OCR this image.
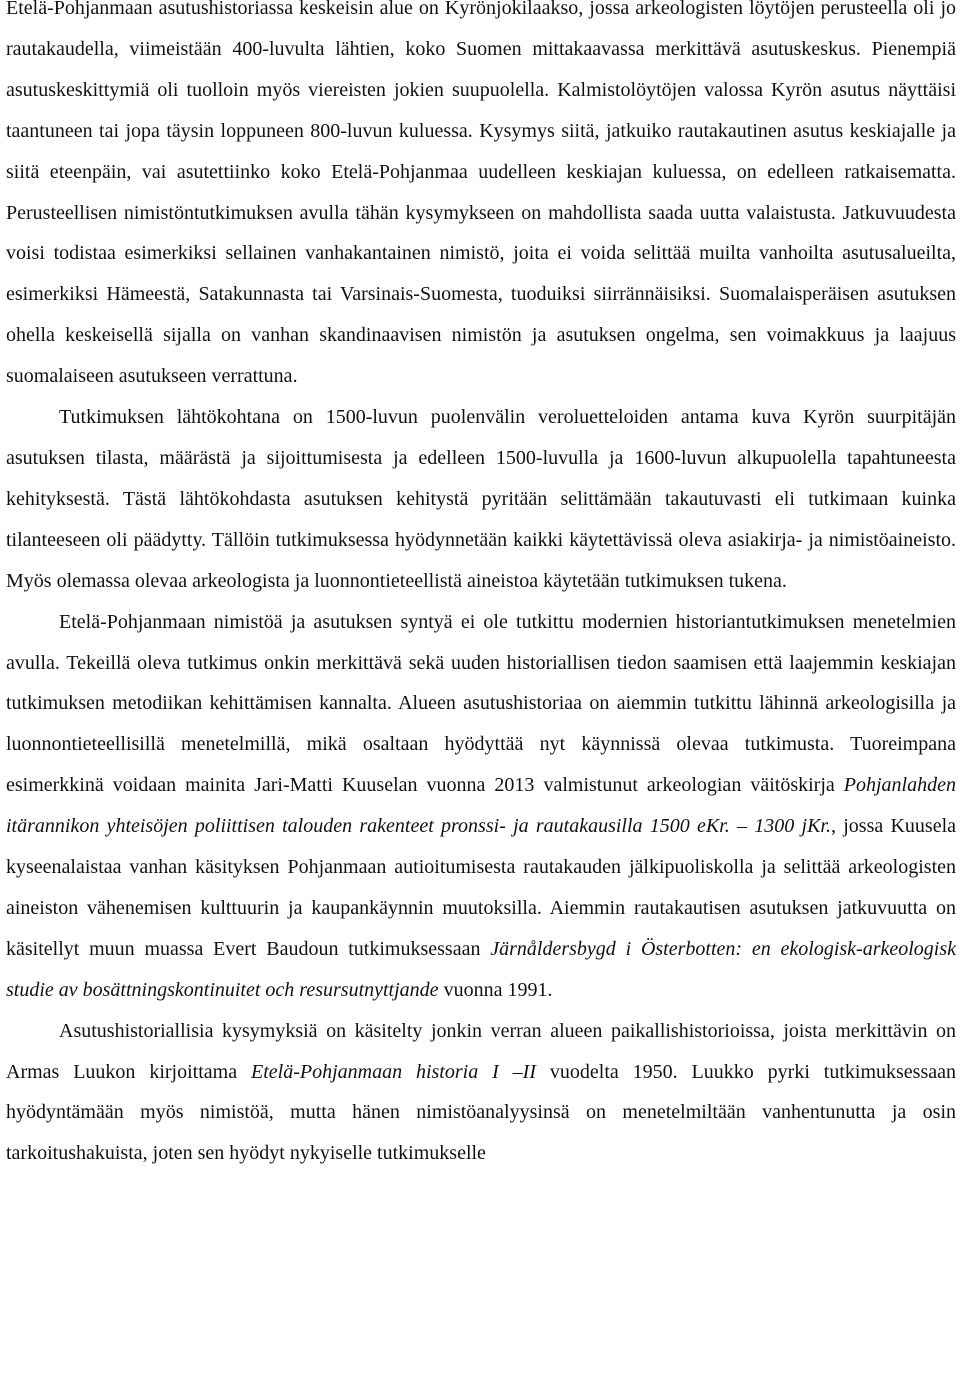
Etelä-Pohjanmaan asutushistoriassa keskeisin alue on Kyrönjokilaakso, jossa arkeologisten löytöjen perusteella oli jo rautakaudella, viimeistään 400-luvulta lähtien, koko Suomen mittakaavassa merkittävä asutuskeskus. Pienempiä asutuskeskittymiä oli tuolloin myös viereisten jokien suupuolella. Kalmistolöytöjen valossa Kyrön asutus näyttäisi taantuneen tai jopa täysin loppuneen 800-luvun kuluessa. Kysymys siitä, jatkuiko rautakautinen asutus keskiajalle ja siitä eteenpäin, vai asutettiinko koko Etelä-Pohjanmaa uudelleen keskiajan kuluessa, on edelleen ratkaisematta. Perusteellisen nimistöntutkimuksen avulla tähän kysymykseen on mahdollista saada uutta valaistusta. Jatkuvuudesta voisi todistaa esimerkiksi sellainen vanhakantainen nimistö, joita ei voida selittää muilta vanhoilta asutusalueilta, esimerkiksi Hämeestä, Satakunnasta tai Varsinais-Suomesta, tuoduiksi siirrännäisiksi. Suomalaisperäisen asutuksen ohella keskeisellä sijalla on vanhan skandinaavisen nimistön ja asutuksen ongelma, sen voimakkuus ja laajuus suomalaiseen asutukseen verrattuna.

Tutkimuksen lähtökohtana on 1500-luvun puolenvälin veroluetteloiden antama kuva Kyrön suurpitäjän asutuksen tilasta, määrästä ja sijoittumisesta ja edelleen 1500-luvulla ja 1600-luvun alkupuolella tapahtuneesta kehityksestä. Tästä lähtökohdasta asutuksen kehitystä pyritään selittämään takautuvasti eli tutkimaan kuinka tilanteeseen oli päädytty. Tällöin tutkimuksessa hyödynnetään kaikki käytettävissä oleva asiakirja- ja nimistöaineisto. Myös olemassa olevaa arkeologista ja luonnontieteellistä aineistoa käytetään tutkimuksen tukena.

Etelä-Pohjanmaan nimistöä ja asutuksen syntyä ei ole tutkittu modernien historiantutkimuksen menetelmien avulla. Tekeillä oleva tutkimus onkin merkittävä sekä uuden historiallisen tiedon saamisen että laajemmin keskiajan tutkimuksen metodiikan kehittämisen kannalta. Alueen asutushistoriaa on aiemmin tutkittu lähinnä arkeologisilla ja luonnontieteellisillä menetelmillä, mikä osaltaan hyödyttää nyt käynnissä olevaa tutkimusta. Tuoreimpana esimerkkinä voidaan mainita Jari-Matti Kuuselan vuonna 2013 valmistunut arkeologian väitöskirja Pohjanlahden itärannikon yhteisöjen poliittisen talouden rakenteet pronssi- ja rautakausilla 1500 eKr. – 1300 jKr., jossa Kuusela kyseenalaistaa vanhan käsityksen Pohjanmaan autioitumisesta rautakauden jälkipuoliskolla ja selittää arkeologisten aineiston vähenemisen kulttuurin ja kaupankäynnin muutoksilla. Aiemmin rautakautisen asutuksen jatkuvuutta on käsitellyt muun muassa Evert Baudoun tutkimuksessaan Järnåldersbygd i Österbotten: en ekologisk-arkeologisk studie av bosättningskontinuitet och resursutnyttjande vuonna 1991.

Asutushistoriallisia kysymyksiä on käsitelty jonkin verran alueen paikallishistorioissa, joista merkittävin on Armas Luukon kirjoittama Etelä-Pohjanmaan historia I –II vuodelta 1950. Luukko pyrki tutkimuksessaan hyödyntämään myös nimistöä, mutta hänen nimistöanalyysinsä on menetelmiltään vanhentunutta ja osin tarkoitushakuista, joten sen hyödyt nykyiselle tutkimukselle
